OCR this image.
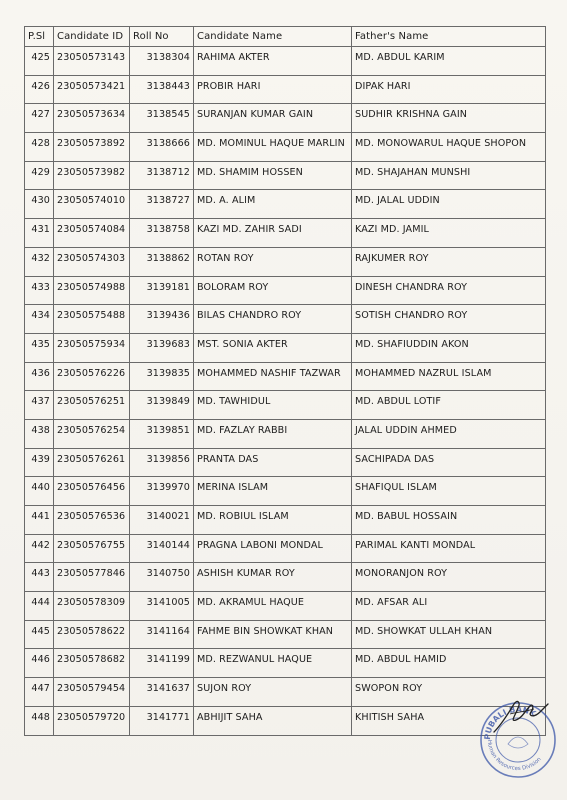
P.Sl	Candidate ID	Roll No	Candidate Name	Father's Name
425	23050573143	3138304	RAHIMA AKTER	MD. ABDUL KARIM
426	23050573421	3138443	PROBIR HARI	DIPAK HARI
427	23050573634	3138545	SURANJAN KUMAR GAIN	SUDHIR KRISHNA GAIN
428	23050573892	3138666	MD. MOMINUL HAQUE MARLIN	MD. MONOWARUL HAQUE SHOPON
429	23050573982	3138712	MD. SHAMIM HOSSEN	MD. SHAJAHAN MUNSHI
430	23050574010	3138727	MD. A. ALIM	MD. JALAL UDDIN
431	23050574084	3138758	KAZI MD. ZAHIR SADI	KAZI MD. JAMIL
432	23050574303	3138862	ROTAN ROY	RAJKUMER ROY
433	23050574988	3139181	BOLORAM ROY	DINESH CHANDRA ROY
434	23050575488	3139436	BILAS CHANDRO ROY	SOTISH CHANDRO ROY
435	23050575934	3139683	MST. SONIA AKTER	MD. SHAFIUDDIN AKON
436	23050576226	3139835	MOHAMMED NASHIF TAZWAR	MOHAMMED NAZRUL ISLAM
437	23050576251	3139849	MD. TAWHIDUL	MD. ABDUL LOTIF
438	23050576254	3139851	MD. FAZLAY RABBI	JALAL UDDIN AHMED
439	23050576261	3139856	PRANTA DAS	SACHIPADA DAS
440	23050576456	3139970	MERINA ISLAM	SHAFIQUL ISLAM
441	23050576536	3140021	MD. ROBIUL ISLAM	MD. BABUL HOSSAIN
442	23050576755	3140144	PRAGNA LABONI MONDAL	PARIMAL KANTI MONDAL
443	23050577846	3140750	ASHISH KUMAR ROY	MONORANJON ROY
444	23050578309	3141005	MD. AKRAMUL HAQUE	MD. AFSAR ALI
445	23050578622	3141164	FAHME BIN SHOWKAT KHAN	MD. SHOWKAT ULLAH KHAN
446	23050578682	3141199	MD. REZWANUL HAQUE	MD. ABDUL HAMID
447	23050579454	3141637	SUJON ROY	SWOPON ROY
448	23050579720	3141771	ABHIJIT SAHA	KHITISH SAHA
PUBALI BANK
Human Resources Division
